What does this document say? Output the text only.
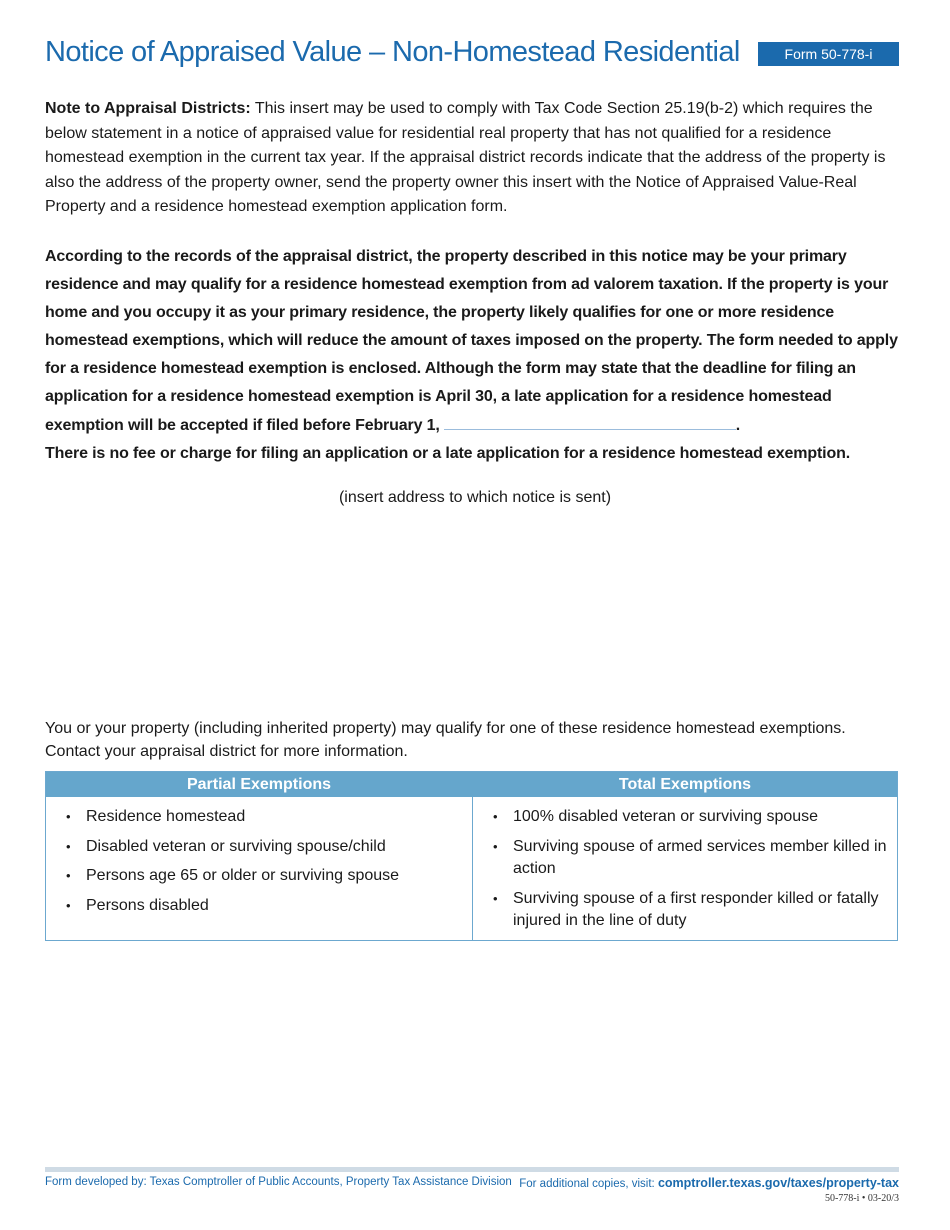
Notice of Appraised Value – Non-Homestead Residential	Form 50-778-i

Note to Appraisal Districts: This insert may be used to comply with Tax Code Section 25.19(b-2) which requires the below statement in a notice of appraised value for residential real property that has not qualified for a residence homestead exemption in the current tax year. If the appraisal district records indicate that the address of the property is also the address of the property owner, send the property owner this insert with the Notice of Appraised Value-Real Property and a residence homestead exemption application form.

According to the records of the appraisal district, the property described in this notice may be your primary residence and may qualify for a residence homestead exemption from ad valorem taxation. If the property is your home and you occupy it as your primary residence, the property likely qualifies for one or more residence homestead exemptions, which will reduce the amount of taxes imposed on the property. The form needed to apply for a residence homestead exemption is enclosed. Although the form may state that the deadline for filing an application for a residence homestead exemption is April 30, a late application for a residence homestead exemption will be accepted if filed before February 1,	.
There is no fee or charge for filing an application or a late application for a residence homestead exemption.

(insert address to which notice is sent)

You or your property (including inherited property) may qualify for one of these residence homestead exemptions. Contact your appraisal district for more information.

Partial Exemptions	Total Exemptions
• Residence homestead
• Disabled veteran or surviving spouse/child
• Persons age 65 or older or surviving spouse
• Persons disabled
• 100% disabled veteran or surviving spouse
• Surviving spouse of armed services member killed in action
• Surviving spouse of a first responder killed or fatally injured in the line of duty
Form developed by: Texas Comptroller of Public Accounts, Property Tax Assistance Division For additional copies, visit: comptroller.texas.gov/taxes/property-tax
50-778-i • 03-20/3
